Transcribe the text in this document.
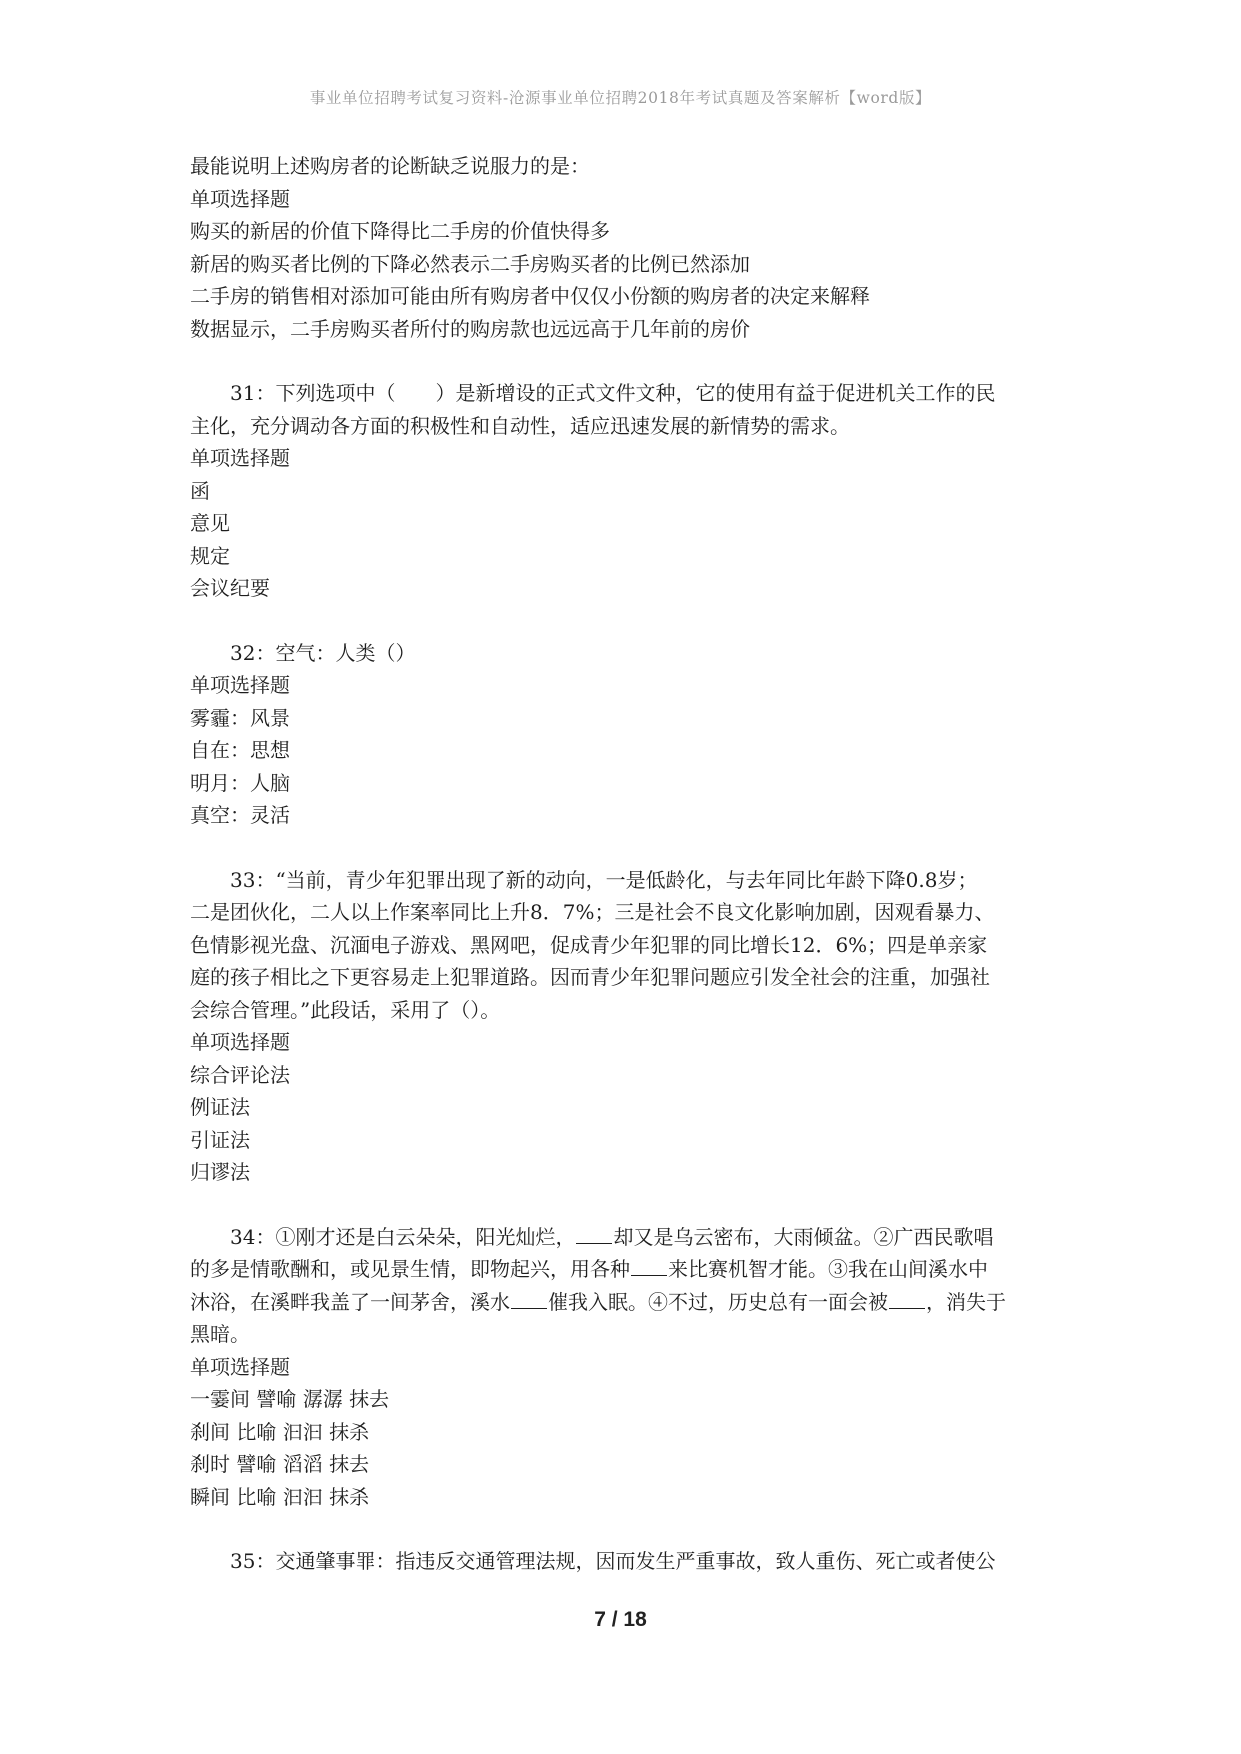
事业单位招聘考试复习资料-沧源事业单位招聘2018年考试真题及答案解析【word版】
最能说明上述购房者的论断缺乏说服力的是：
单项选择题
购买的新居的价值下降得比二手房的价值快得多
新居的购买者比例的下降必然表示二手房购买者的比例已然添加
二手房的销售相对添加可能由所有购房者中仅仅小份额的购房者的决定来解释
数据显示，二手房购买者所付的购房款也远远高于几年前的房价
31：下列选项中（　　）是新增设的正式文件文种，它的使用有益于促进机关工作的民
主化，充分调动各方面的积极性和自动性，适应迅速发展的新情势的需求。
单项选择题
函
意见
规定
会议纪要
32：空气：人类（）
单项选择题
雾霾：风景
自在：思想
明月：人脑
真空：灵活
33：“当前，青少年犯罪出现了新的动向，一是低龄化，与去年同比年龄下降0.8岁；
二是团伙化，二人以上作案率同比上升8．7%；三是社会不良文化影响加剧，因观看暴力、
色情影视光盘、沉湎电子游戏、黑网吧，促成青少年犯罪的同比增长12．6%；四是单亲家
庭的孩子相比之下更容易走上犯罪道路。因而青少年犯罪问题应引发全社会的注重，加强社
会综合管理。”此段话，采用了（）。
单项选择题
综合评论法
例证法
引证法
归谬法
34：①刚才还是白云朵朵，阳光灿烂， 却又是乌云密布，大雨倾盆。②广西民歌唱
的多是情歌酬和，或见景生情，即物起兴，用各种 来比赛机智才能。③我在山间溪水中
沐浴，在溪畔我盖了一间茅舍，溪水 催我入眠。④不过，历史总有一面会被 ，消失于
黑暗。
单项选择题
一霎间 譬喻 潺潺 抹去
刹间 比喻 汩汩 抹杀
刹时 譬喻 滔滔 抹去
瞬间 比喻 汩汩 抹杀
35：交通肇事罪：指违反交通管理法规，因而发生严重事故，致人重伤、死亡或者使公
7 / 18
